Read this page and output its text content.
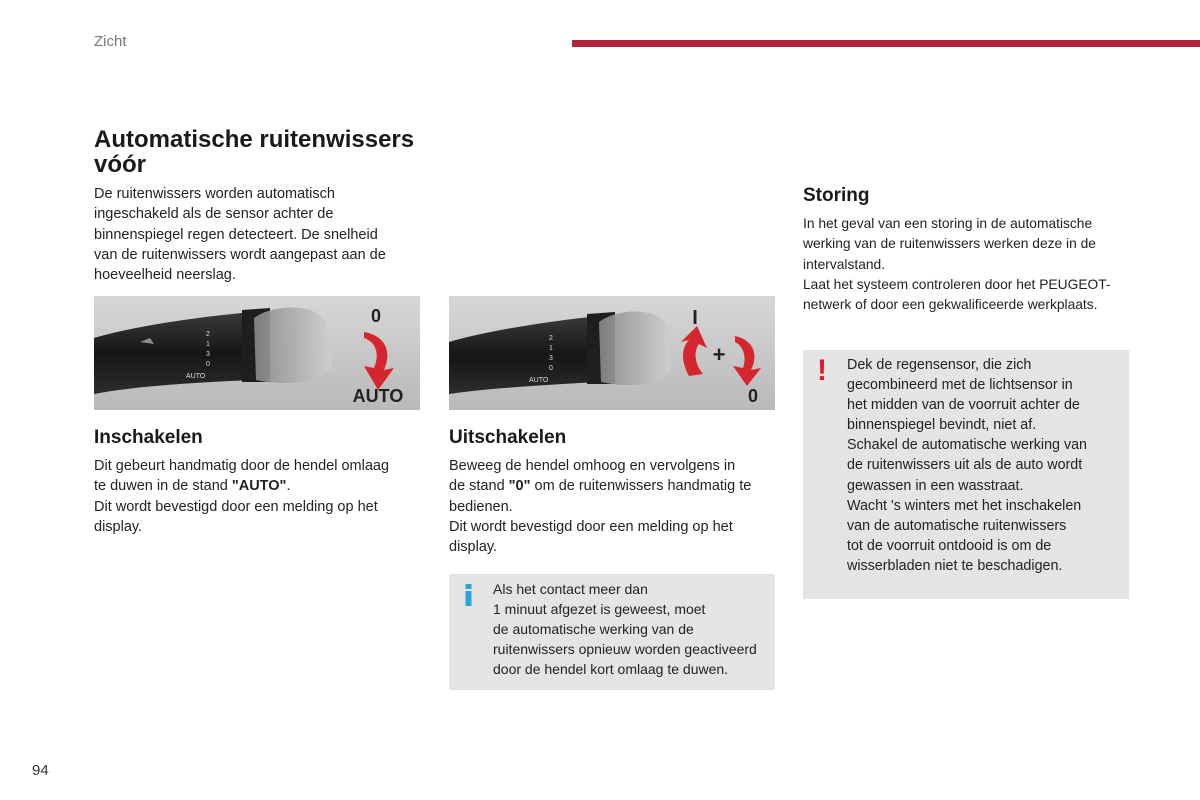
Zicht
Automatische ruitenwissers
vóór

De ruitenwissers worden automatisch
ingeschakeld als de sensor achter de
binnenspiegel regen detecteert. De snelheid
van de ruitenwissers wordt aangepast aan de
hoeveelheid neerslag.

2
1
3
0
AUTO
0
AUTO
2
1
3
0
AUTO
I
+
0
Inschakelen

Dit gebeurt handmatig door de hendel omlaag
te duwen in de stand "AUTO".
Dit wordt bevestigd door een melding op het
display.

Uitschakelen

Beweeg de hendel omhoog en vervolgens in
de stand "0" om de ruitenwissers handmatig te
bedienen.
Dit wordt bevestigd door een melding op het
display.

Als het contact meer dan
1 minuut afgezet is geweest, moet
de automatische werking van de
ruitenwissers opnieuw worden geactiveerd
door de hendel kort omlaag te duwen.

Storing

In het geval van een storing in de automatische
werking van de ruitenwissers werken deze in de
intervalstand.
Laat het systeem controleren door het PEUGEOT-
netwerk of door een gekwalificeerde werkplaats.

! Dek de regensensor, die zich
gecombineerd met de lichtsensor in
het midden van de voorruit achter de
binnenspiegel bevindt, niet af.
Schakel de automatische werking van
de ruitenwissers uit als de auto wordt
gewassen in een wasstraat.
Wacht 's winters met het inschakelen
van de automatische ruitenwissers
tot de voorruit ontdooid is om de
wisserbladen niet te beschadigen.

94
